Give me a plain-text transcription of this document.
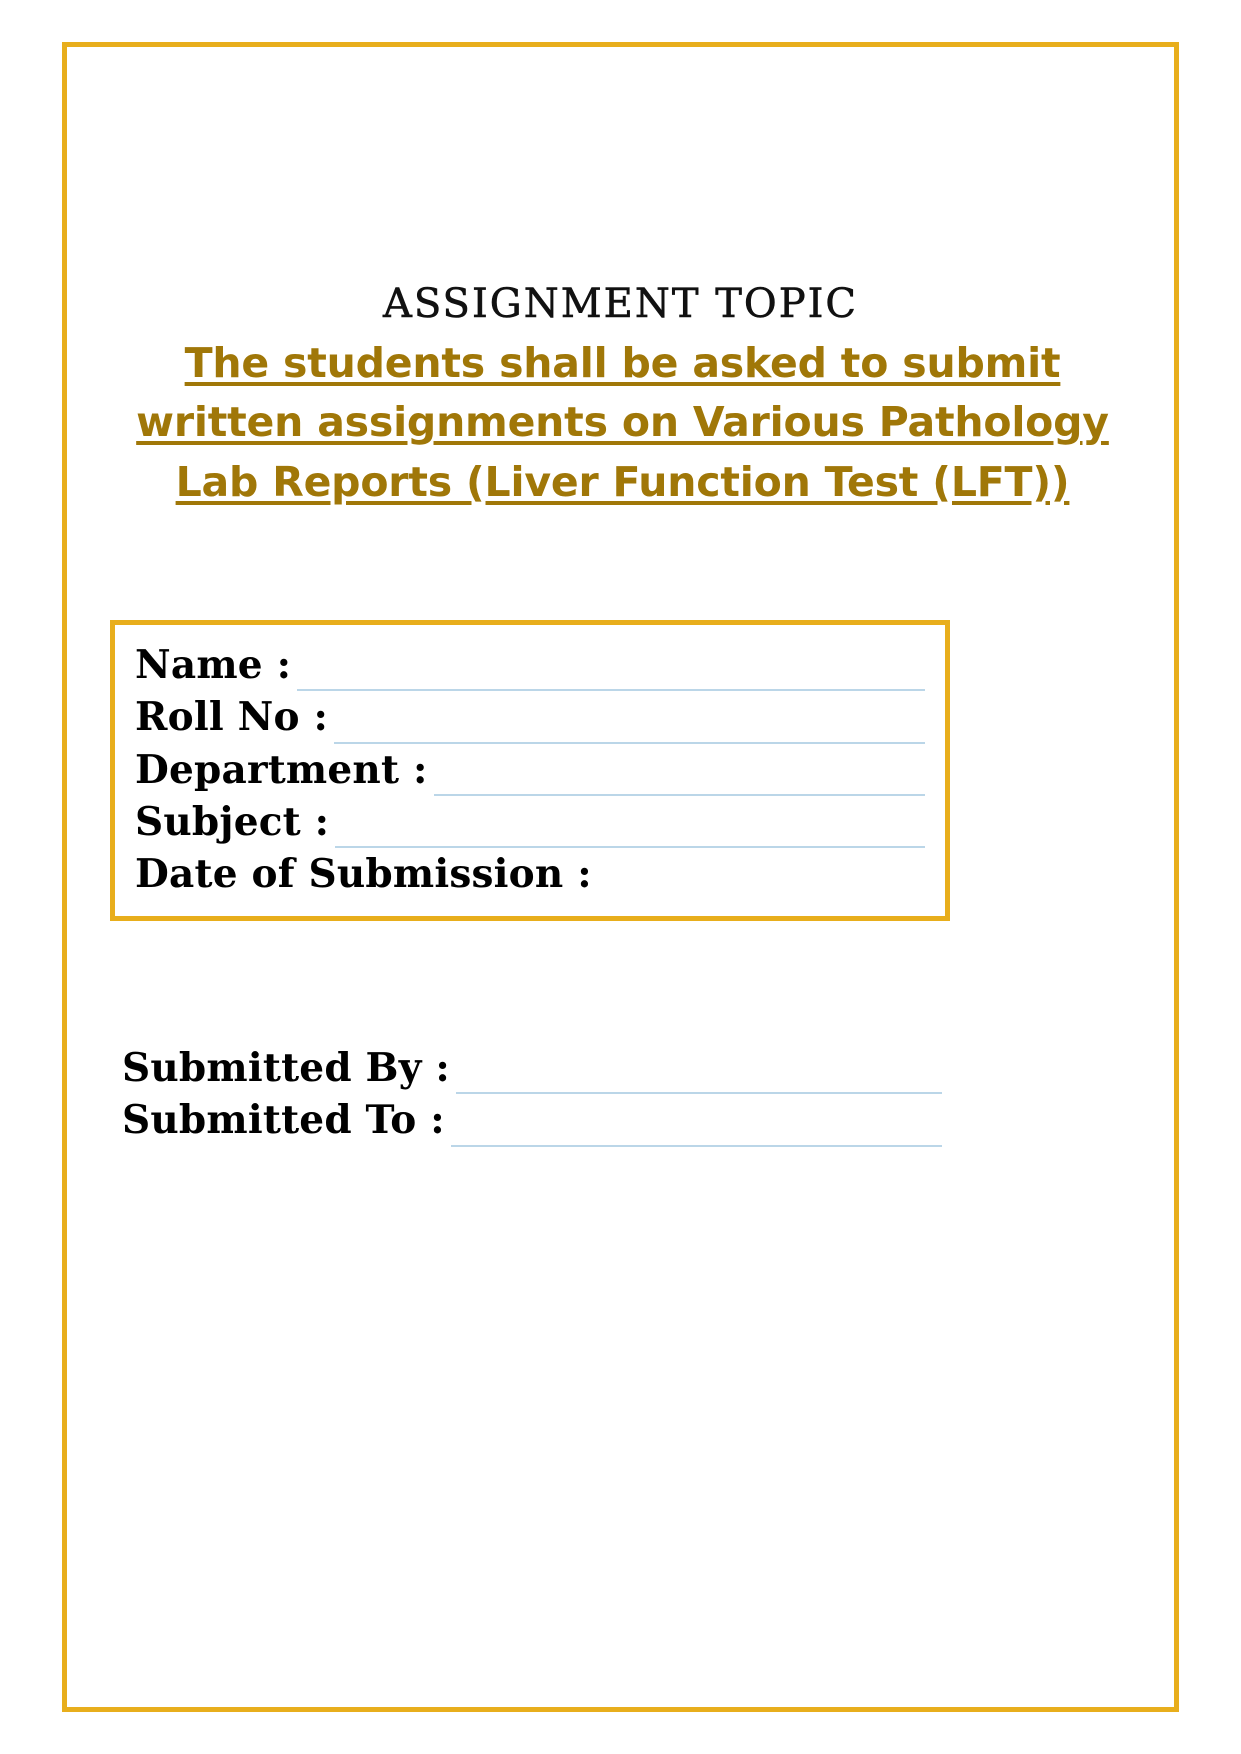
ASSIGNMENT TOPIC
The students shall be asked to submit written assignments on Various Pathology Lab Reports (Liver Function Test (LFT))
Name :
Roll No :
Department :
Subject :
Date of Submission :
Submitted By :
Submitted To :
